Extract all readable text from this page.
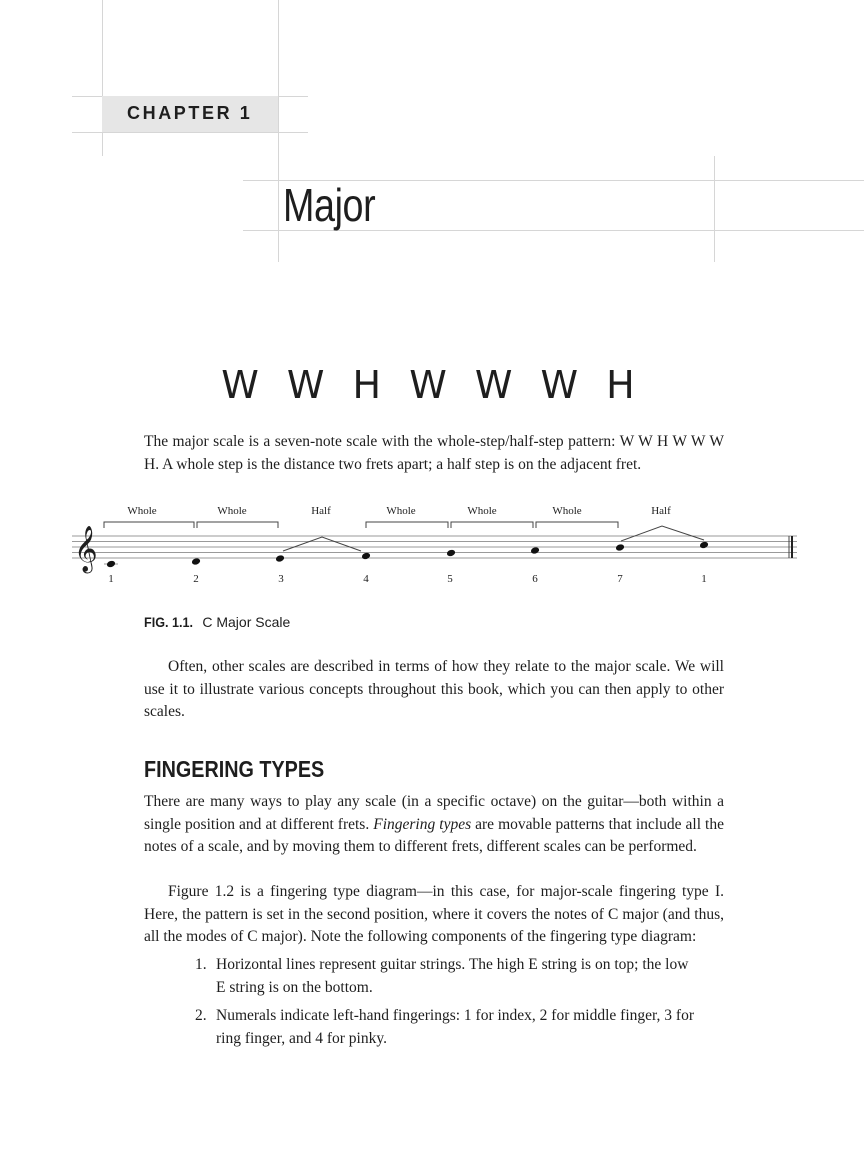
CHAPTER 1
Major
W W H W W W H
The major scale is a seven-note scale with the whole-step/half-step pattern: W W H W W W H. A whole step is the distance two frets apart; a half step is on the adjacent fret.
𝄞
Whole	Whole	Half	Whole	Whole	Whole	Half
1	2	3	4	5	6	7	1
FIG. 1.1. C Major Scale
Often, other scales are described in terms of how they relate to the major scale. We will use it to illustrate various concepts throughout this book, which you can then apply to other scales.
FINGERING TYPES
There are many ways to play any scale (in a specific octave) on the guitar—both within a single position and at different frets. Fingering types are movable patterns that include all the notes of a scale, and by moving them to different frets, different scales can be performed.
Figure 1.2 is a fingering type diagram—in this case, for major-scale fingering type I. Here, the pattern is set in the second position, where it covers the notes of C major (and thus, all the modes of C major). Note the following components of the fingering type diagram:
1. Horizontal lines represent guitar strings. The high E string is on top; the low E string is on the bottom.
2. Numerals indicate left-hand fingerings: 1 for index, 2 for middle finger, 3 for ring finger, and 4 for pinky.
